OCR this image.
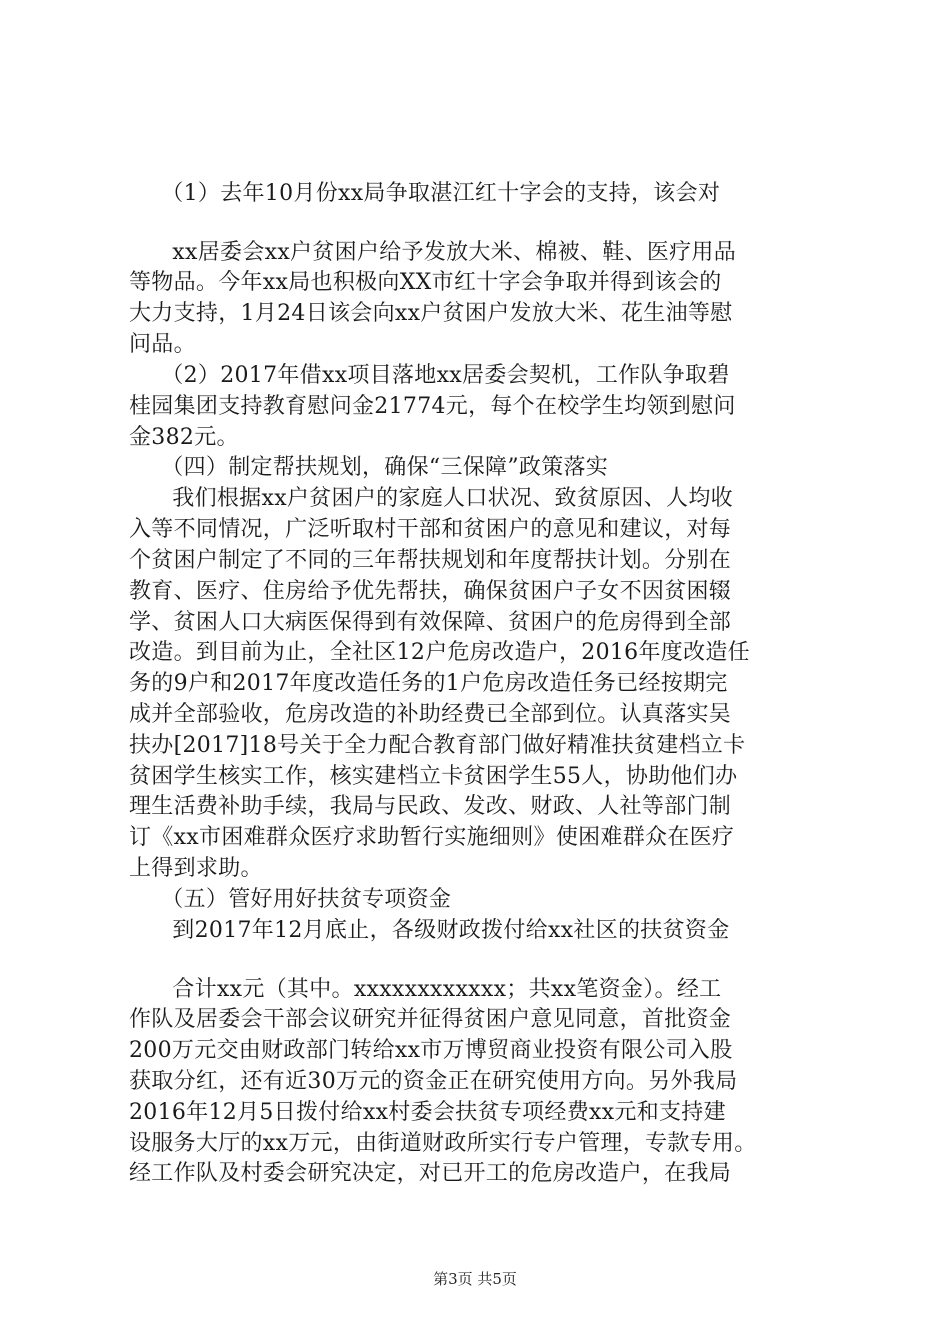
　（1）去年10月份xx局争取湛江红十字会的支持，该会对
　xx居委会xx户贫困户给予发放大米、棉被、鞋、医疗用品
等物品。今年xx局也积极向XX市红十字会争取并得到该会的
大力支持，1月24日该会向xx户贫困户发放大米、花生油等慰
问品。
　（2）2017年借xx项目落地xx居委会契机，工作队争取碧
桂园集团支持教育慰问金21774元，每个在校学生均领到慰问
金382元。
　（四）制定帮扶规划，确保“三保障”政策落实
　我们根据xx户贫困户的家庭人口状况、致贫原因、人均收
入等不同情况，广泛听取村干部和贫困户的意见和建议，对每
个贫困户制定了不同的三年帮扶规划和年度帮扶计划。分别在
教育、医疗、住房给予优先帮扶，确保贫困户子女不因贫困辍
学、贫困人口大病医保得到有效保障、贫困户的危房得到全部
改造。到目前为止，全社区12户危房改造户，2016年度改造任
务的9户和2017年度改造任务的1户危房改造任务已经按期完
成并全部验收，危房改造的补助经费已全部到位。认真落实吴
扶办[2017]18号关于全力配合教育部门做好精准扶贫建档立卡
贫困学生核实工作，核实建档立卡贫困学生55人，协助他们办
理生活费补助手续，我局与民政、发改、财政、人社等部门制
订《xx市困难群众医疗求助暂行实施细则》使困难群众在医疗
上得到求助。
　（五）管好用好扶贫专项资金
　到2017年12月底止，各级财政拨付给xx社区的扶贫资金
　合计xx元（其中。xxxxxxxxxxxx；共xx笔资金）。经工
作队及居委会干部会议研究并征得贫困户意见同意，首批资金
200万元交由财政部门转给xx市万博贸商业投资有限公司入股
获取分红，还有近30万元的资金正在研究使用方向。另外我局
2016年12月5日拨付给xx村委会扶贫专项经费xx元和支持建
设服务大厅的xx万元，由街道财政所实行专户管理，专款专用。
经工作队及村委会研究决定，对已开工的危房改造户，在我局
第3页 共5页
